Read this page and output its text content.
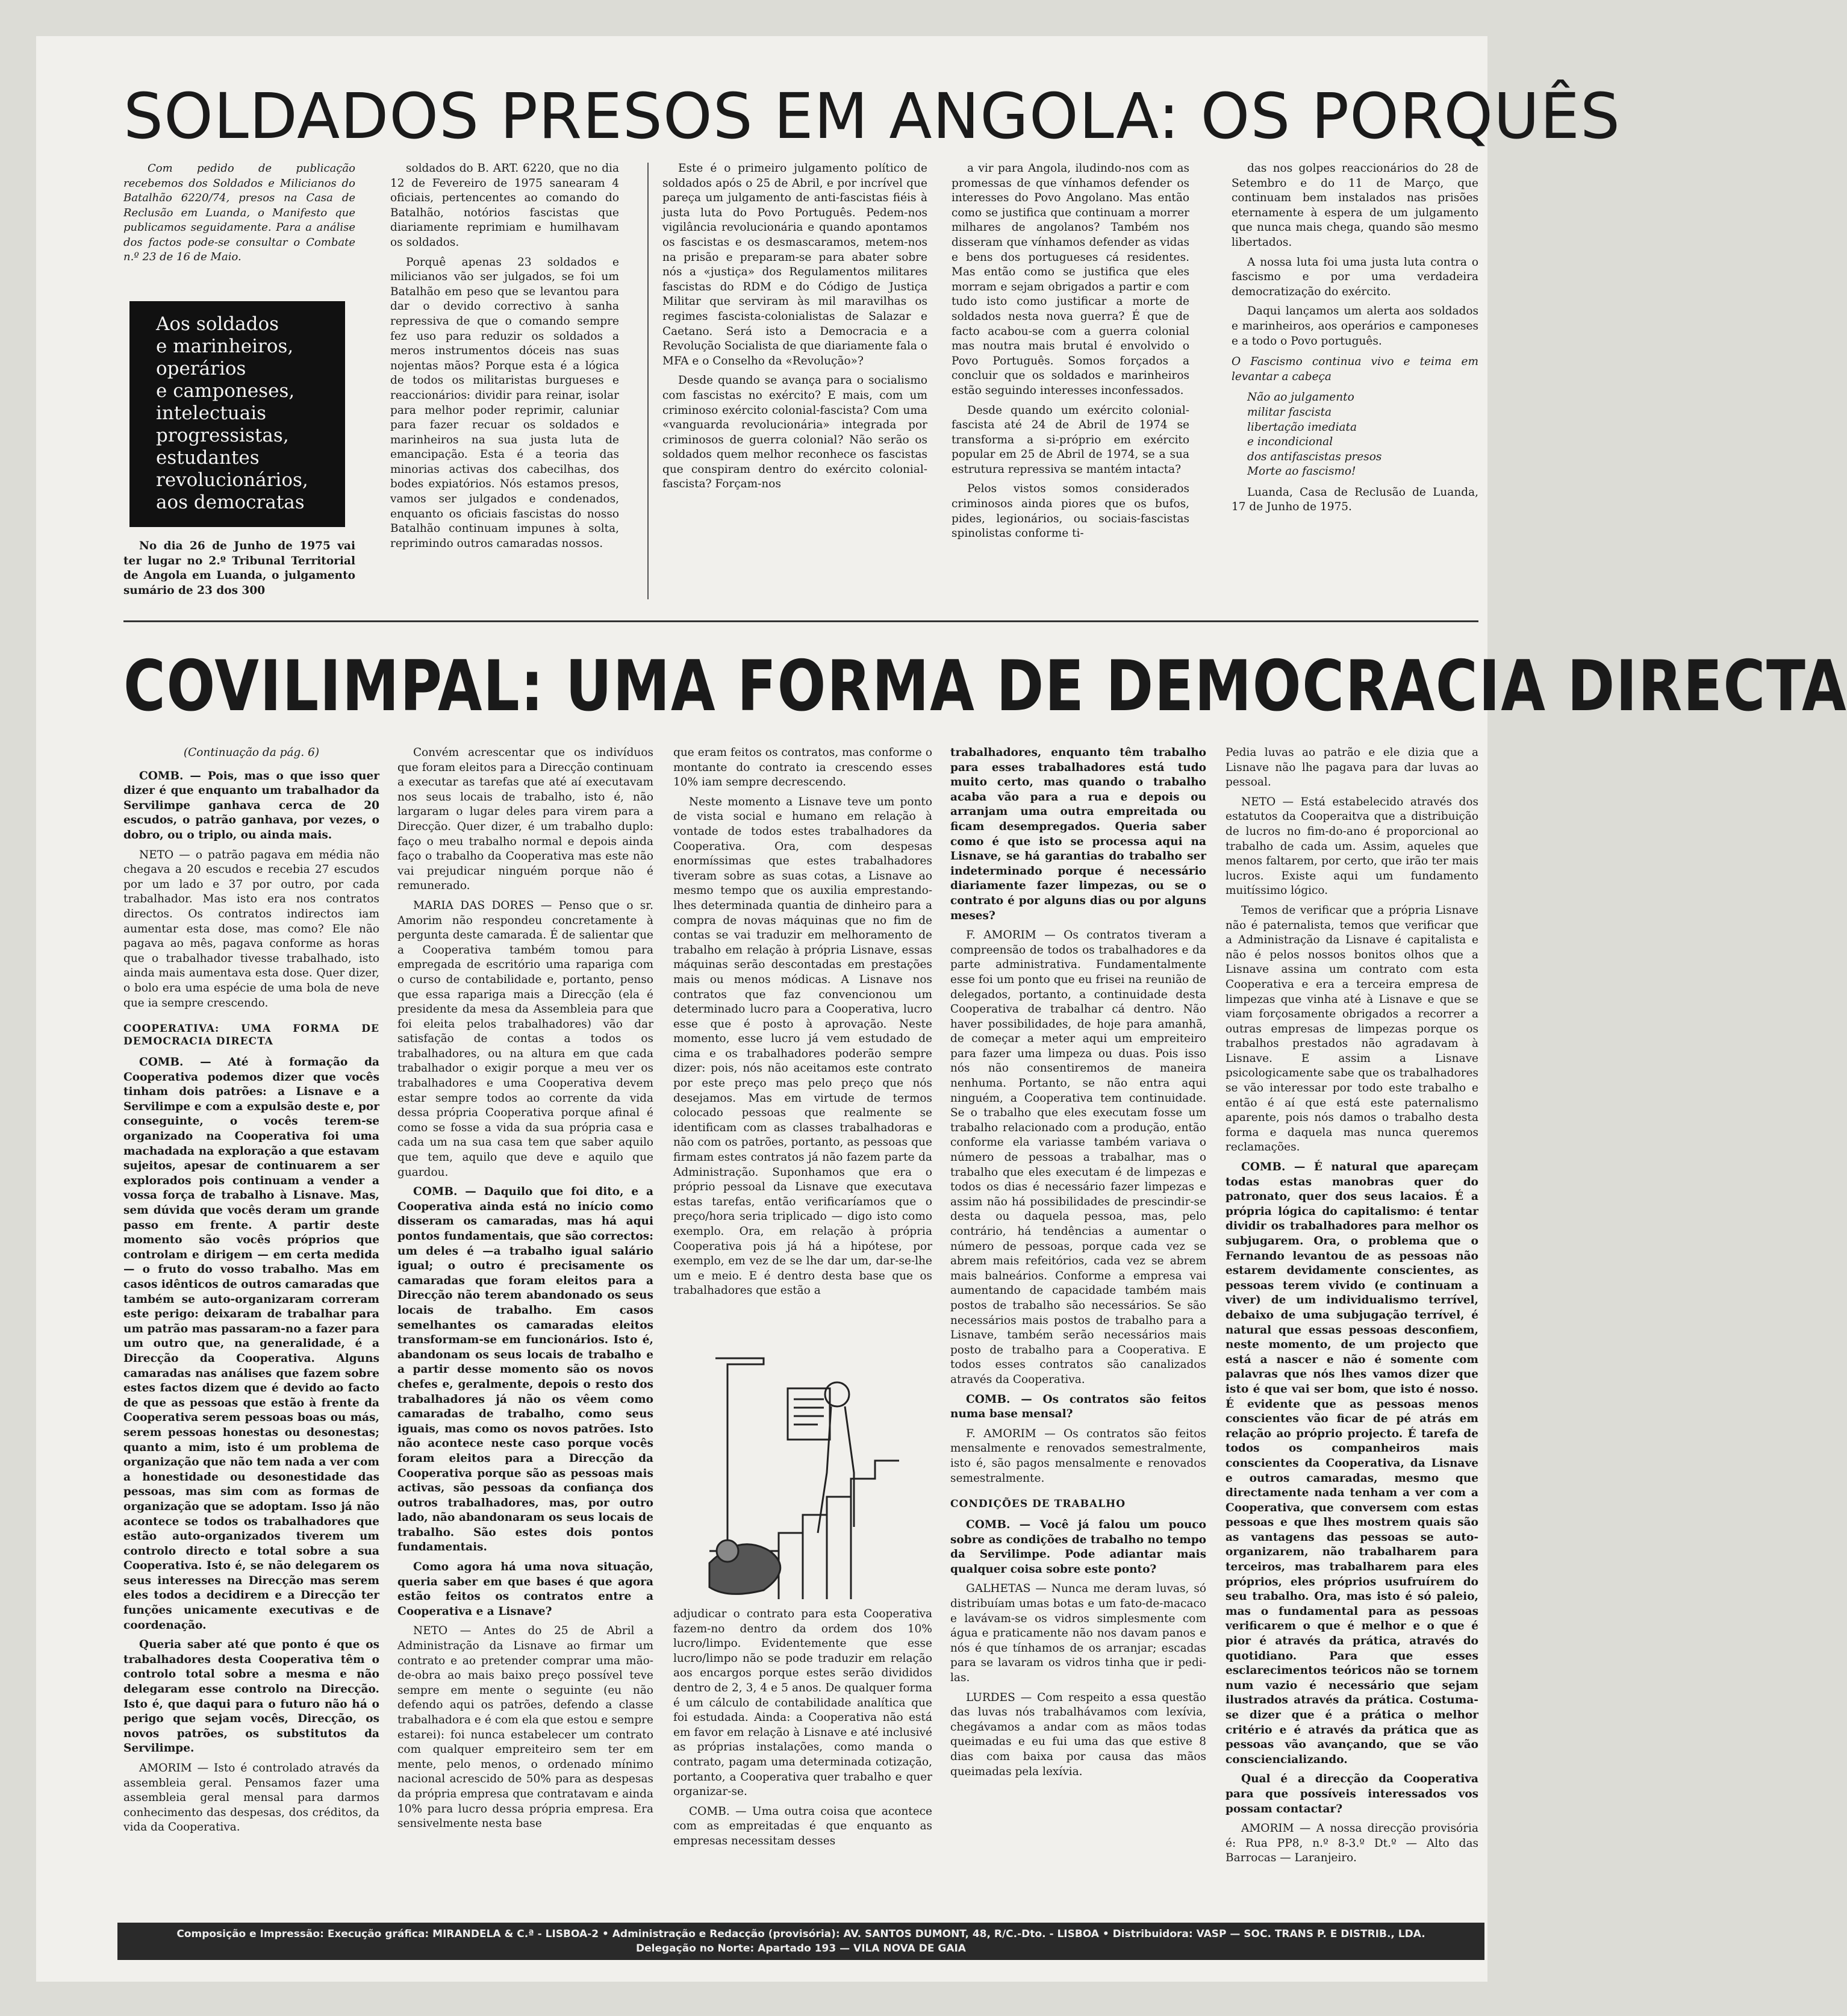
SOLDADOS PRESOS EM ANGOLA: OS PORQUÊS

Com pedido de publicação recebemos dos Soldados e Milicianos do Batalhão 6220/74, presos na Casa de Reclusão em Luanda, o Manifesto que publicamos seguidamente. Para a análise dos factos pode-se consultar o Combate n.º 23 de 16 de Maio.

Aos soldados
e marinheiros,
operários
e camponeses,
intelectuais
progressistas,
estudantes
revolucionários,
aos democratas

No dia 26 de Junho de 1975 vai ter lugar no 2.º Tribunal Territorial de Angola em Luanda, o julgamento sumário de 23 dos 300

soldados do B. ART. 6220, que no dia 12 de Fevereiro de 1975 sanearam 4 oficiais, pertencentes ao comando do Batalhão, notórios fascistas que diariamente reprimiam e humilhavam os soldados.

Porquê apenas 23 soldados e milicianos vão ser julgados, se foi um Batalhão em peso que se levantou para dar o devido correctivo à sanha repressiva de que o comando sempre fez uso para reduzir os soldados a meros instrumentos dóceis nas suas nojentas mãos? Porque esta é a lógica de todos os militaristas burgueses e reaccionários: dividir para reinar, isolar para melhor poder reprimir, caluniar para fazer recuar os soldados e marinheiros na sua justa luta de emancipação. Esta é a teoria das minorias activas dos cabecilhas, dos bodes expiatórios. Nós estamos presos, vamos ser julgados e condenados, enquanto os oficiais fascistas do nosso Batalhão continuam impunes à solta, reprimindo outros camaradas nossos.

Este é o primeiro julgamento político de soldados após o 25 de Abril, e por incrível que pareça um julgamento de anti-fascistas fiéis à justa luta do Povo Português. Pedem-nos vigilância revolucionária e quando apontamos os fascistas e os desmascaramos, metem-nos na prisão e preparam-se para abater sobre nós a «justiça» dos Regulamentos militares fascistas do RDM e do Código de Justiça Militar que serviram às mil maravilhas os regimes fascista-colonialistas de Salazar e Caetano. Será isto a Democracia e a Revolução Socialista de que diariamente fala o MFA e o Conselho da «Revolução»?

Desde quando se avança para o socialismo com fascistas no exército? E mais, com um criminoso exército colonial-fascista? Com uma «vanguarda revolucionária» integrada por criminosos de guerra colonial? Não serão os soldados quem melhor reconhece os fascistas que conspiram dentro do exército colonial-fascista? Forçam-nos

a vir para Angola, iludindo-nos com as promessas de que vínhamos defender os interesses do Povo Angolano. Mas então como se justifica que continuam a morrer milhares de angolanos? Também nos disseram que vínhamos defender as vidas e bens dos portugueses cá residentes. Mas então como se justifica que eles morram e sejam obrigados a partir e com tudo isto como justificar a morte de soldados nesta nova guerra? É que de facto acabou-se com a guerra colonial mas noutra mais brutal é envolvido o Povo Português. Somos forçados a concluir que os soldados e marinheiros estão seguindo interesses inconfessados.

Desde quando um exército colonial-fascista até 24 de Abril de 1974 se transforma a si-próprio em exército popular em 25 de Abril de 1974, se a sua estrutura repressiva se mantém intacta?

Pelos vistos somos considerados criminosos ainda piores que os bufos, pides, legionários, ou sociais-fascistas spinolistas conforme ti-

das nos golpes reaccionários do 28 de Setembro e do 11 de Março, que continuam bem instalados nas prisões eternamente à espera de um julgamento que nunca mais chega, quando são mesmo libertados.

A nossa luta foi uma justa luta contra o fascismo e por uma verdadeira democratização do exército.

Daqui lançamos um alerta aos soldados e marinheiros, aos operários e camponeses e a todo o Povo português.

O Fascismo continua vivo e teima em levantar a cabeça
Não ao julgamento
militar fascista
libertação imediata
e incondicional
dos antifascistas presos
Morte ao fascismo!

Luanda, Casa de Reclusão de Luanda, 17 de Junho de 1975.

COVILIMPAL: UMA FORMA DE DEMOCRACIA DIRECTA

(Continuação da pág. 6)

COMB. — Pois, mas o que isso quer dizer é que enquanto um trabalhador da Servilimpe ganhava cerca de 20 escudos, o patrão ganhava, por vezes, o dobro, ou o triplo, ou ainda mais.

NETO — o patrão pagava em média não chegava a 20 escudos e recebia 27 escudos por um lado e 37 por outro, por cada trabalhador. Mas isto era nos contratos directos. Os contratos indirectos iam aumentar esta dose, mas como? Ele não pagava ao mês, pagava conforme as horas que o trabalhador tivesse trabalhado, isto ainda mais aumentava esta dose. Quer dizer, o bolo era uma espécie de uma bola de neve que ia sempre crescendo.

COOPERATIVA: UMA FORMA DE DEMOCRACIA DIRECTA

COMB. — Até à formação da Cooperativa podemos dizer que vocês tinham dois patrões: a Lisnave e a Servilimpe e com a expulsão deste e, por conseguinte, o vocês terem-se organizado na Cooperativa foi uma machadada na exploração a que estavam sujeitos, apesar de continuarem a ser explorados pois continuam a vender a vossa força de trabalho à Lisnave. Mas, sem dúvida que vocês deram um grande passo em frente. A partir deste momento são vocês próprios que controlam e dirigem — em certa medida — o fruto do vosso trabalho. Mas em casos idênticos de outros camaradas que também se auto-organizaram correram este perigo: deixaram de trabalhar para um patrão mas passaram-no a fazer para um outro que, na generalidade, é a Direcção da Cooperativa. Alguns camaradas nas análises que fazem sobre estes factos dizem que é devido ao facto de que as pessoas que estão à frente da Cooperativa serem pessoas boas ou más, serem pessoas honestas ou desonestas; quanto a mim, isto é um problema de organização que não tem nada a ver com a honestidade ou desonestidade das pessoas, mas sim com as formas de organização que se adoptam. Isso já não acontece se todos os trabalhadores que estão auto-organizados tiverem um controlo directo e total sobre a sua Cooperativa. Isto é, se não delegarem os seus interesses na Direcção mas serem eles todos a decidirem e a Direcção ter funções unicamente executivas e de coordenação.

Queria saber até que ponto é que os trabalhadores desta Cooperativa têm o controlo total sobre a mesma e não delegaram esse controlo na Direcção. Isto é, que daqui para o futuro não há o perigo que sejam vocês, Direcção, os novos patrões, os substitutos da Servilimpe.

AMORIM — Isto é controlado através da assembleia geral. Pensamos fazer uma assembleia geral mensal para darmos conhecimento das despesas, dos créditos, da vida da Cooperativa.

Convém acrescentar que os indivíduos que foram eleitos para a Direcção continuam a executar as tarefas que até aí executavam nos seus locais de trabalho, isto é, não largaram o lugar deles para virem para a Direcção. Quer dizer, é um trabalho duplo: faço o meu trabalho normal e depois ainda faço o trabalho da Cooperativa mas este não vai prejudicar ninguém porque não é remunerado.

MARIA DAS DORES — Penso que o sr. Amorim não respondeu concretamente à pergunta deste camarada. É de salientar que a Cooperativa também tomou para empregada de escritório uma rapariga com o curso de contabilidade e, portanto, penso que essa rapariga mais a Direcção (ela é presidente da mesa da Assembleia para que foi eleita pelos trabalhadores) vão dar satisfação de contas a todos os trabalhadores, ou na altura em que cada trabalhador o exigir porque a meu ver os trabalhadores e uma Cooperativa devem estar sempre todos ao corrente da vida dessa própria Cooperativa porque afinal é como se fosse a vida da sua própria casa e cada um na sua casa tem que saber aquilo que tem, aquilo que deve e aquilo que guardou.

COMB. — Daquilo que foi dito, e a Cooperativa ainda está no início como disseram os camaradas, mas há aqui pontos fundamentais, que são correctos: um deles é —a trabalho igual salário igual; o outro é precisamente os camaradas que foram eleitos para a Direcção não terem abandonado os seus locais de trabalho. Em casos semelhantes os camaradas eleitos transformam-se em funcionários. Isto é, abandonam os seus locais de trabalho e a partir desse momento são os novos chefes e, geralmente, depois o resto dos trabalhadores já não os vêem como camaradas de trabalho, como seus iguais, mas como os novos patrões. Isto não acontece neste caso porque vocês foram eleitos para a Direcção da Cooperativa porque são as pessoas mais activas, são pessoas da confiança dos outros trabalhadores, mas, por outro lado, não abandonaram os seus locais de trabalho. São estes dois pontos fundamentais.

Como agora há uma nova situação, queria saber em que bases é que agora estão feitos os contratos entre a Cooperativa e a Lisnave?

NETO — Antes do 25 de Abril a Administração da Lisnave ao firmar um contrato e ao pretender comprar uma mão-de-obra ao mais baixo preço possível teve sempre em mente o seguinte (eu não defendo aqui os patrões, defendo a classe trabalhadora e é com ela que estou e sempre estarei): foi nunca estabelecer um contrato com qualquer empreiteiro sem ter em mente, pelo menos, o ordenado mínimo nacional acrescido de 50% para as despesas da própria empresa que contratavam e ainda 10% para lucro dessa própria empresa. Era sensivelmente nesta base

que eram feitos os contratos, mas conforme o montante do contrato ia crescendo esses 10% iam sempre decrescendo.

Neste momento a Lisnave teve um ponto de vista social e humano em relação à vontade de todos estes trabalhadores da Cooperativa. Ora, com despesas enormíssimas que estes trabalhadores tiveram sobre as suas cotas, a Lisnave ao mesmo tempo que os auxilia emprestando-lhes determinada quantia de dinheiro para a compra de novas máquinas que no fim de contas se vai traduzir em melhoramento de trabalho em relação à própria Lisnave, essas máquinas serão descontadas em prestações mais ou menos módicas. A Lisnave nos contratos que faz convencionou um determinado lucro para a Cooperativa, lucro esse que é posto à aprovação. Neste momento, esse lucro já vem estudado de cima e os trabalhadores poderão sempre dizer: pois, nós não aceitamos este contrato por este preço mas pelo preço que nós desejamos. Mas em virtude de termos colocado pessoas que realmente se identificam com as classes trabalhadoras e não com os patrões, portanto, as pessoas que firmam estes contratos já não fazem parte da Administração. Suponhamos que era o próprio pessoal da Lisnave que executava estas tarefas, então verificaríamos que o preço/hora seria triplicado — digo isto como exemplo. Ora, em relação à própria Cooperativa pois já há a hipótese, por exemplo, em vez de se lhe dar um, dar-se-lhe um e meio. E é dentro desta base que os trabalhadores que estão a

adjudicar o contrato para esta Cooperativa fazem-no dentro da ordem dos 10% lucro/limpo. Evidentemente que esse lucro/limpo não se pode traduzir em relação aos encargos porque estes serão divididos dentro de 2, 3, 4 e 5 anos. De qualquer forma é um cálculo de contabilidade analítica que foi estudada. Ainda: a Cooperativa não está em favor em relação à Lisnave e até inclusivé as próprias instalações, como manda o contrato, pagam uma determinada cotização, portanto, a Cooperativa quer trabalho e quer organizar-se.

COMB. — Uma outra coisa que acontece com as empreitadas é que enquanto as empresas necessitam desses

trabalhadores, enquanto têm trabalho para esses trabalhadores está tudo muito certo, mas quando o trabalho acaba vão para a rua e depois ou arranjam uma outra empreitada ou ficam desempregados. Queria saber como é que isto se processa aqui na Lisnave, se há garantias do trabalho ser indeterminado porque é necessário diariamente fazer limpezas, ou se o contrato é por alguns dias ou por alguns meses?

F. AMORIM — Os contratos tiveram a compreensão de todos os trabalhadores e da parte administrativa. Fundamentalmente esse foi um ponto que eu frisei na reunião de delegados, portanto, a continuidade desta Cooperativa de trabalhar cá dentro. Não haver possibilidades, de hoje para amanhã, de começar a meter aqui um empreiteiro para fazer uma limpeza ou duas. Pois isso nós não consentiremos de maneira nenhuma. Portanto, se não entra aqui ninguém, a Cooperativa tem continuidade. Se o trabalho que eles executam fosse um trabalho relacionado com a produção, então conforme ela variasse também variava o número de pessoas a trabalhar, mas o trabalho que eles executam é de limpezas e todos os dias é necessário fazer limpezas e assim não há possibilidades de prescindir-se desta ou daquela pessoa, mas, pelo contrário, há tendências a aumentar o número de pessoas, porque cada vez se abrem mais refeitórios, cada vez se abrem mais balneários. Conforme a empresa vai aumentando de capacidade também mais postos de trabalho são necessários. Se são necessários mais postos de trabalho para a Lisnave, também serão necessários mais posto de trabalho para a Cooperativa. E todos esses contratos são canalizados através da Cooperativa.

COMB. — Os contratos são feitos numa base mensal?

F. AMORIM — Os contratos são feitos mensalmente e renovados semestralmente, isto é, são pagos mensalmente e renovados semestralmente.

CONDIÇÕES DE TRABALHO

COMB. — Você já falou um pouco sobre as condições de trabalho no tempo da Servilimpe. Pode adiantar mais qualquer coisa sobre este ponto?

GALHETAS — Nunca me deram luvas, só distribuíam umas botas e um fato-de-macaco e lavávam-se os vidros simplesmente com água e praticamente não nos davam panos e nós é que tínhamos de os arranjar; escadas para se lavaram os vidros tinha que ir pedi-las.

LURDES — Com respeito a essa questão das luvas nós trabalhávamos com lexívia, chegávamos a andar com as mãos todas queimadas e eu fui uma das que estive 8 dias com baixa por causa das mãos queimadas pela lexívia.

Pedia luvas ao patrão e ele dizia que a Lisnave não lhe pagava para dar luvas ao pessoal.

NETO — Está estabelecido através dos estatutos da Cooperaitva que a distribuição de lucros no fim-do-ano é proporcional ao trabalho de cada um. Assim, aqueles que menos faltarem, por certo, que irão ter mais lucros. Existe aqui um fundamento muitíssimo lógico.

Temos de verificar que a própria Lisnave não é paternalista, temos que verificar que a Administração da Lisnave é capitalista e não é pelos nossos bonitos olhos que a Lisnave assina um contrato com esta Cooperativa e era a terceira empresa de limpezas que vinha até à Lisnave e que se viam forçosamente obrigados a recorrer a outras empresas de limpezas porque os trabalhos prestados não agradavam à Lisnave. E assim a Lisnave psicologicamente sabe que os trabalhadores se vão interessar por todo este trabalho e então é aí que está este paternalismo aparente, pois nós damos o trabalho desta forma e daquela mas nunca queremos reclamações.

COMB. — É natural que apareçam todas estas manobras quer do patronato, quer dos seus lacaios. É a própria lógica do capitalismo: é tentar dividir os trabalhadores para melhor os subjugarem. Ora, o problema que o Fernando levantou de as pessoas não estarem devidamente conscientes, as pessoas terem vivido (e continuam a viver) de um individualismo terrível, debaixo de uma subjugação terrível, é natural que essas pessoas desconfiem, neste momento, de um projecto que está a nascer e não é somente com palavras que nós lhes vamos dizer que isto é que vai ser bom, que isto é nosso. É evidente que as pessoas menos conscientes vão ficar de pé atrás em relação ao próprio projecto. É tarefa de todos os companheiros mais conscientes da Cooperativa, da Lisnave e outros camaradas, mesmo que directamente nada tenham a ver com a Cooperativa, que conversem com estas pessoas e que lhes mostrem quais são as vantagens das pessoas se auto-organizarem, não trabalharem para terceiros, mas trabalharem para eles próprios, eles próprios usufruírem do seu trabalho. Ora, mas isto é só paleio, mas o fundamental para as pessoas verificarem o que é melhor e o que é pior é através da prática, através do quotidiano. Para que esses esclarecimentos teóricos não se tornem num vazio é necessário que sejam ilustrados através da prática. Costuma-se dizer que é a prática o melhor critério e é através da prática que as pessoas vão avançando, que se vão consciencializando.

Qual é a direcção da Cooperativa para que possíveis interessados vos possam contactar?

AMORIM — A nossa direcção provisória é: Rua PP8, n.º 8-3.º Dt.º — Alto das Barrocas — Laranjeiro.

Composição e Impressão: Execução gráfica: MIRANDELA & C.ª - LISBOA-2 • Administração e Redacção (provisória): AV. SANTOS DUMONT, 48, R/C.-Dto. - LISBOA • Distribuidora: VASP — SOC. TRANS P. E DISTRIB., LDA.
Delegação no Norte: Apartado 193 — VILA NOVA DE GAIA
